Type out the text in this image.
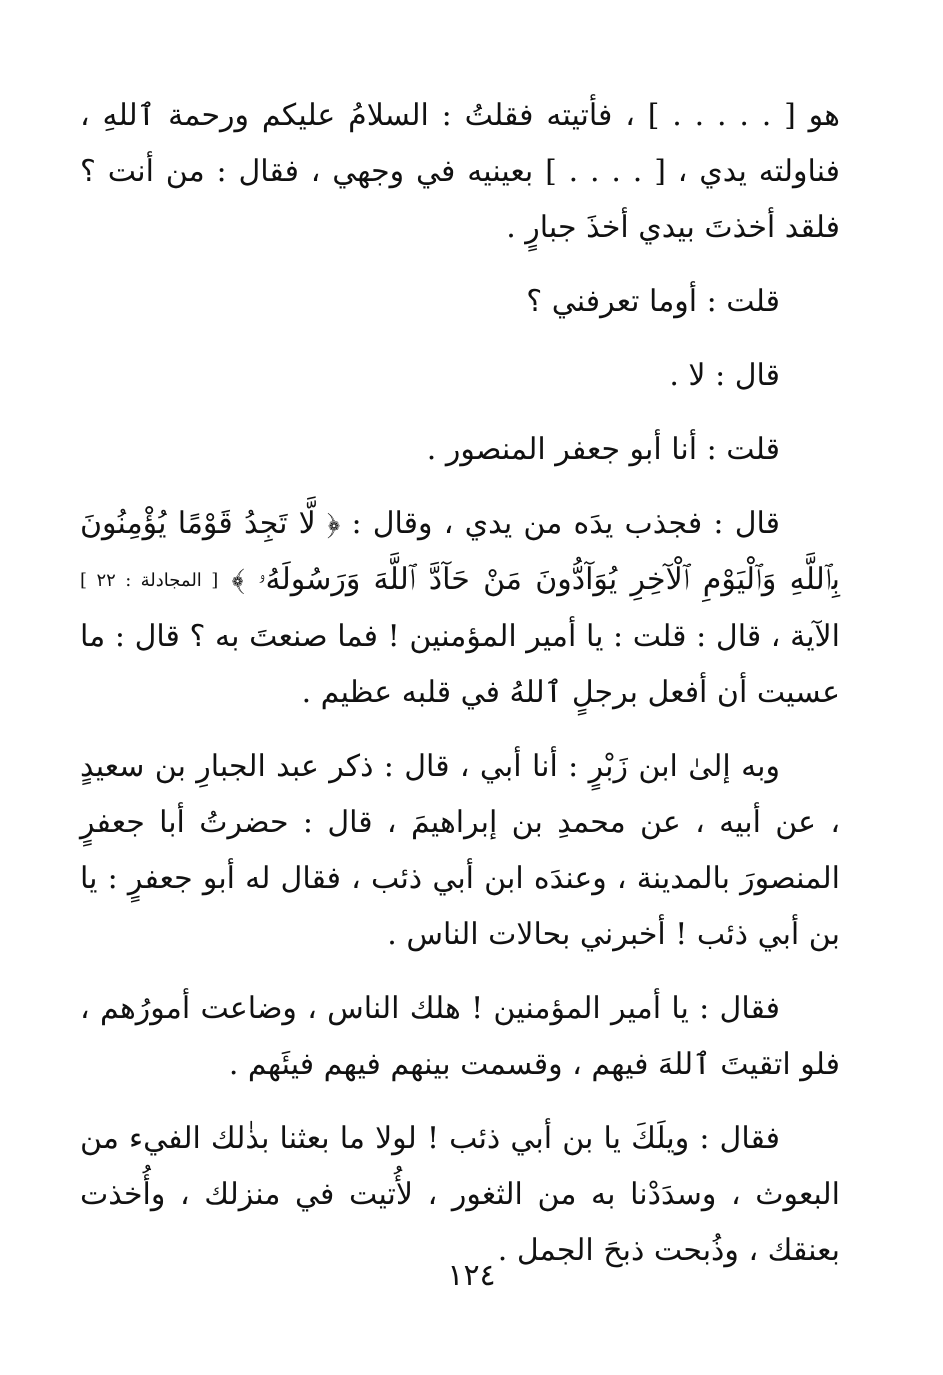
هو [ . . . . . ] ، فأتيته فقلتُ : السلامُ عليكم ورحمة ٱللهِ ، فناولته يدي ، [ . . . . ] بعينيه في وجهي ، فقال : من أنت ؟ فلقد أخذتَ بيدي أخذَ جبارٍ .

قلت : أوما تعرفني ؟

قال : لا .

قلت : أنا أبو جعفر المنصور .

قال : فجذب يدَه من يدي ، وقال : ﴿ لَّا تَجِدُ قَوْمًا يُؤْمِنُونَ بِٱللَّهِ وَٱلْيَوْمِ ٱلْآخِرِ يُوَآدُّونَ مَنْ حَآدَّ ٱللَّهَ وَرَسُولَهُۥ ﴾ [ المجادلة : ٢٢ ] الآية ، قال : قلت : يا أمير المؤمنين ! فما صنعتَ به ؟ قال : ما عسيت أن أفعل برجلٍ ٱللهُ في قلبه عظيم .

وبه إلىٰ ابن زَبْرٍ : أنا أبي ، قال : ذكر عبد الجبارِ بن سعيدٍ ، عن أبيه ، عن محمدِ بن إبراهيمَ ، قال : حضرتُ أبا جعفرٍ المنصورَ بالمدينة ، وعندَه ابن أبي ذئب ، فقال له أبو جعفرٍ : يا بن أبي ذئب ! أخبرني بحالات الناس .

فقال : يا أمير المؤمنين ! هلك الناس ، وضاعت أمورُهم ، فلو اتقيتَ ٱللهَ فيهم ، وقسمت بينهم فيهم فيئَهم .

فقال : ويلَكَ يا بن أبي ذئب ! لولا ما بعثنا بذٰلك الفيء من البعوث ، وسدَدْنا به من الثغور ، لأُتيت في منزلك ، وأُخذت بعنقك ، وذُبحت ذبحَ الجمل .

١٢٤
